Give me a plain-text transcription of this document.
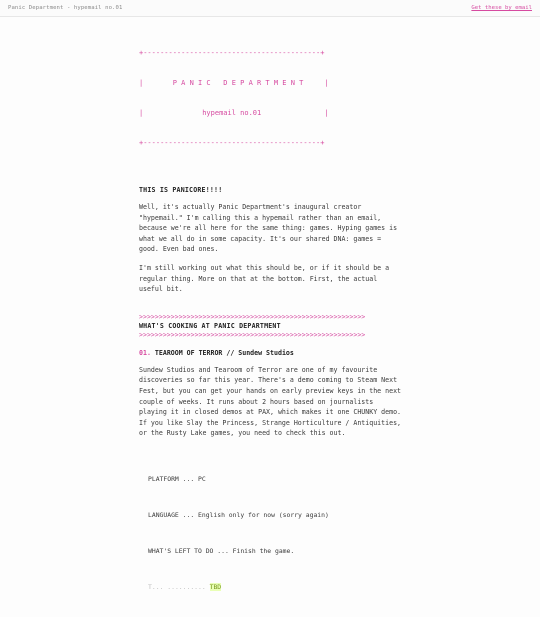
Panic Department - hypemail no.01	Get these by email

+------------------------------------------+

|       P A N I C   D E P A R T M E N T     |

|              hypemail no.01               |

+------------------------------------------+

THIS IS PANICORE!!!!

Well, it's actually Panic Department's inaugural creator "hypemail." I'm calling this a hypemail rather than an email, because we're all here for the same thing: games. Hyping games is what we all do in some capacity. It's our shared DNA: games = good. Even bad ones.

I'm still working out what this should be, or if it should be a regular thing. More on that at the bottom. First, the actual useful bit.

>>>>>>>>>>>>>>>>>>>>>>>>>>>>>>>>>>>>>>>>>>>>>>>>>>>>>>>>>
WHAT'S COOKING AT PANIC DEPARTMENT
>>>>>>>>>>>>>>>>>>>>>>>>>>>>>>>>>>>>>>>>>>>>>>>>>>>>>>>>>
01. TEAROOM OF TERROR // Sundew Studios

Sundew Studios and Tearoom of Terror are one of my favourite discoveries so far this year. There's a demo coming to Steam Next Fest, but you can get your hands on early preview keys in the next couple of weeks. It runs about 2 hours based on journalists playing it in closed demos at PAX, which makes it one CHUNKY demo. If you like Slay the Princess, Strange Horticulture / Antiquities, or the Rusty Lake games, you need to check this out.

PLATFORM ... PC

LANGUAGE ... English only for now (sorry again)

WHAT'S LEFT TO DO ... Finish the game.

T... .......... TBD
